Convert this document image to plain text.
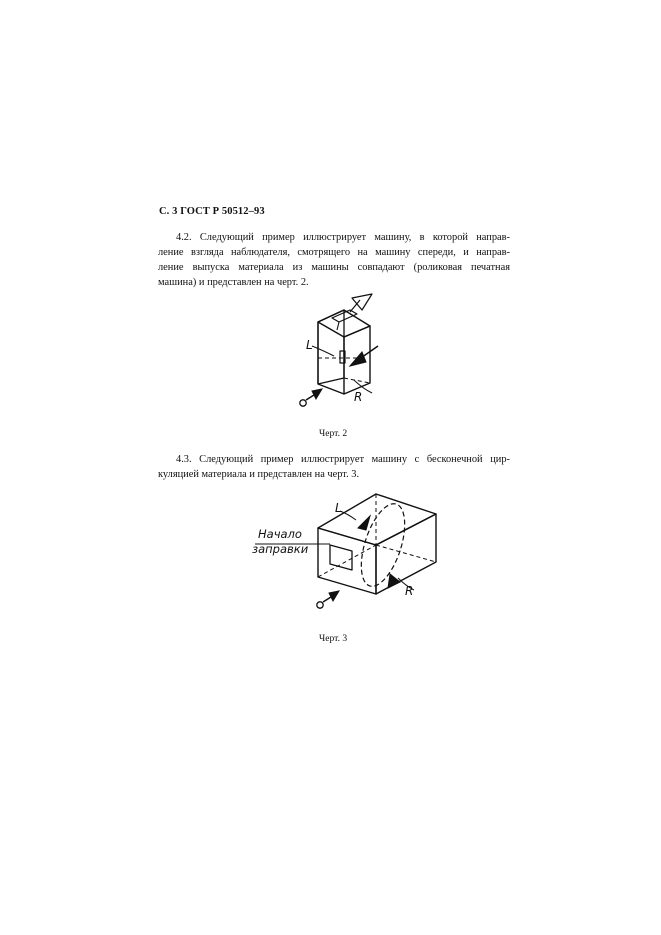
С. 3 ГОСТ Р 50512–93
4.2. Следующий пример иллюстрирует машину, в которой направ-
ление взгляда наблюдателя, смотрящего на машину спереди, и направ-
ление выпуска материала из машины совпадают (роликовая печатная
машина) и представлен на черт. 2.
L
R
Черт. 2
4.3. Следующий пример иллюстрирует машину с бесконечной цир-
куляцией материала и представлен на черт. 3.
Начало
заправки
L
R
Черт. 3
